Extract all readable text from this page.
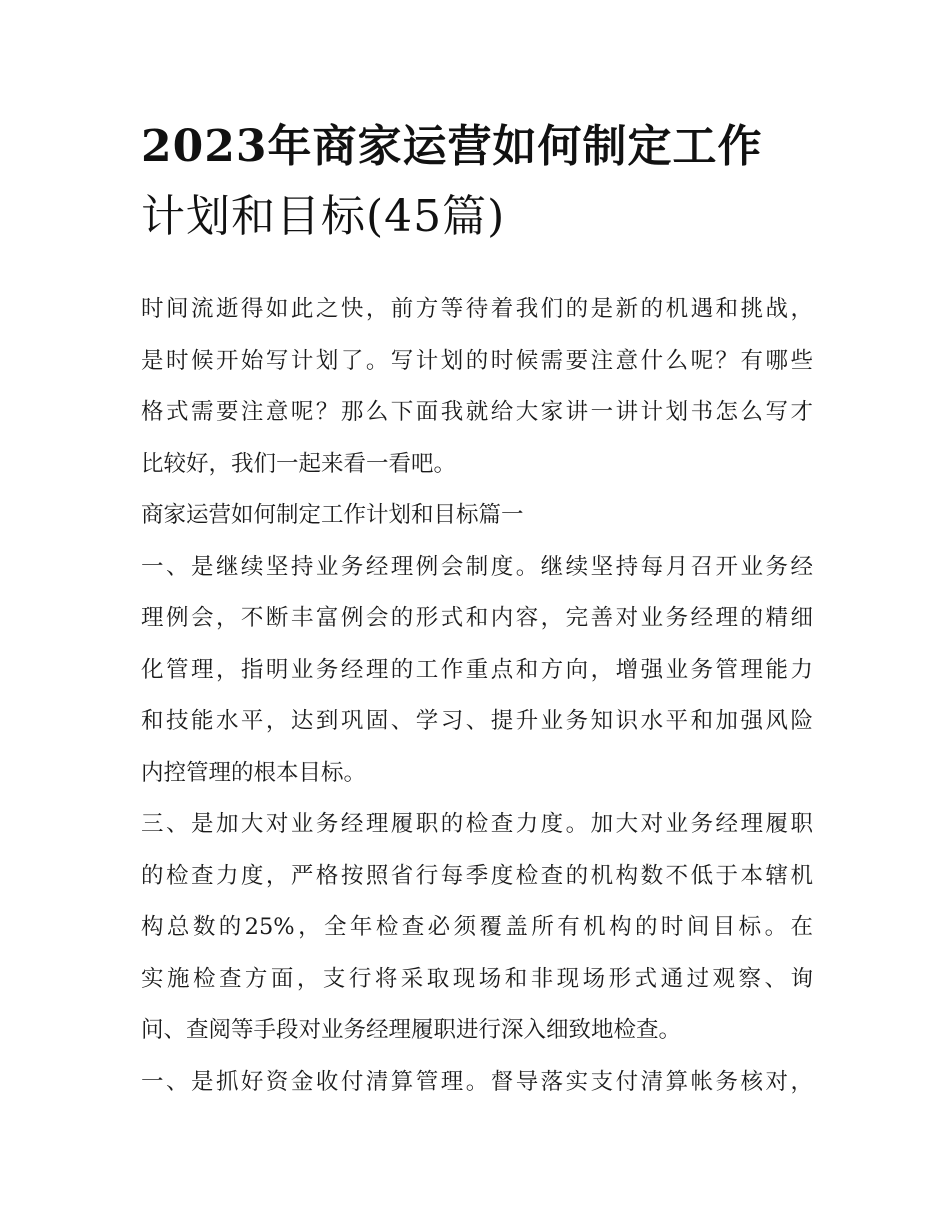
2023年商家运营如何制定工作
计划和目标(45篇)

时间流逝得如此之快，前方等待着我们的是新的机遇和挑战，
是时候开始写计划了。写计划的时候需要注意什么呢？有哪些
格式需要注意呢？那么下面我就给大家讲一讲计划书怎么写才
比较好，我们一起来看一看吧。

商家运营如何制定工作计划和目标篇一

一、是继续坚持业务经理例会制度。继续坚持每月召开业务经
理例会，不断丰富例会的形式和内容，完善对业务经理的精细
化管理，指明业务经理的工作重点和方向，增强业务管理能力
和技能水平，达到巩固、学习、提升业务知识水平和加强风险
内控管理的根本目标。

三、是加大对业务经理履职的检查力度。加大对业务经理履职
的检查力度，严格按照省行每季度检查的机构数不低于本辖机
构总数的25%，全年检查必须覆盖所有机构的时间目标。在
实施检查方面，支行将采取现场和非现场形式通过观察、询
问、查阅等手段对业务经理履职进行深入细致地检查。

一、是抓好资金收付清算管理。督导落实支付清算帐务核对，
